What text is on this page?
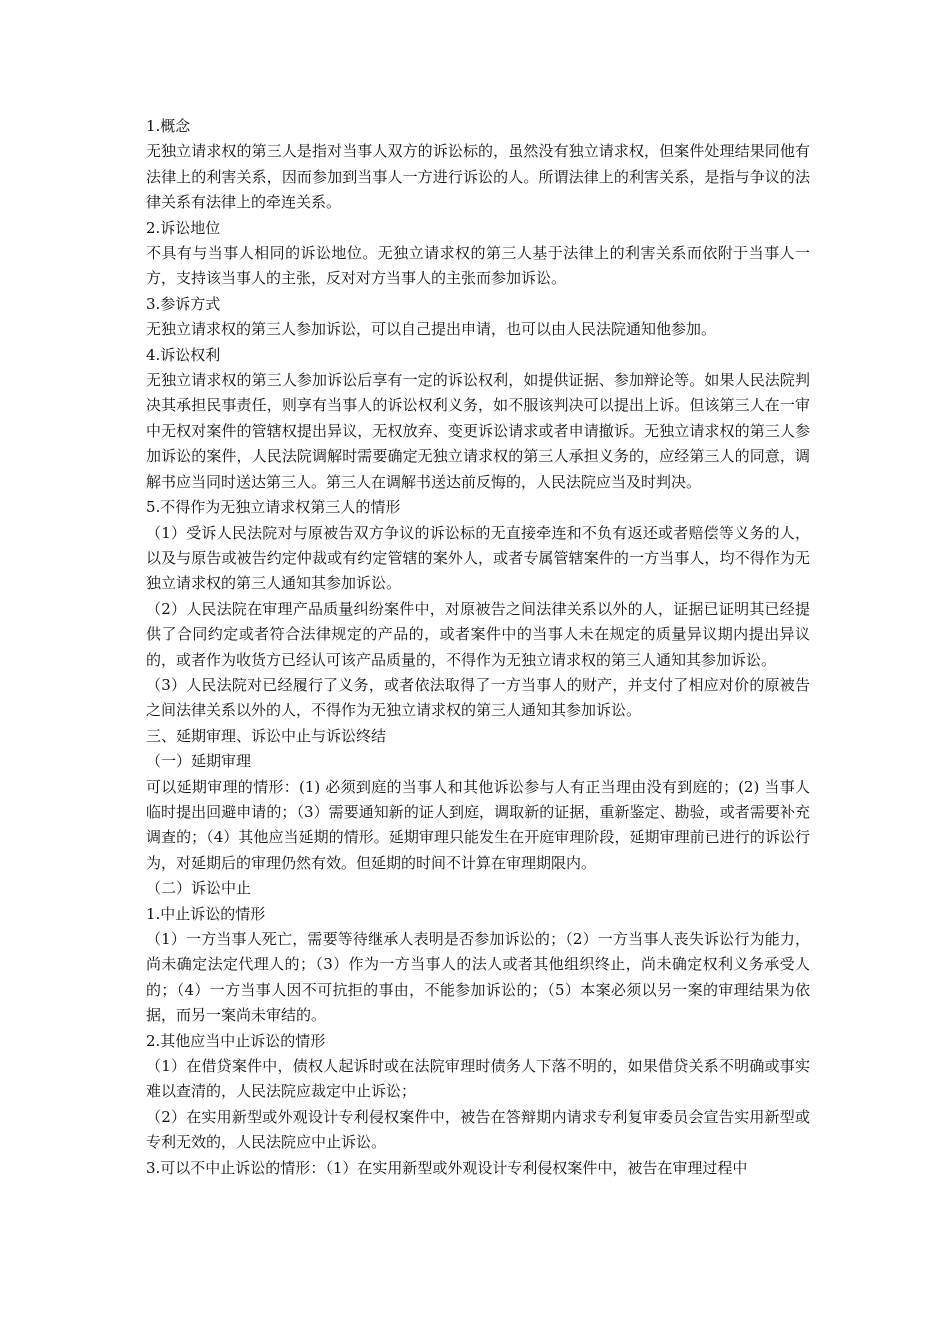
1.概念

无独立请求权的第三人是指对当事人双方的诉讼标的，虽然没有独立请求权，但案件处理结果同他有法律上的利害关系，因而参加到当事人一方进行诉讼的人。所谓法律上的利害关系，是指与争议的法律关系有法律上的牵连关系。

2.诉讼地位

不具有与当事人相同的诉讼地位。无独立请求权的第三人基于法律上的利害关系而依附于当事人一方，支持该当事人的主张，反对对方当事人的主张而参加诉讼。

3.参诉方式

无独立请求权的第三人参加诉讼，可以自己提出申请，也可以由人民法院通知他参加。

4.诉讼权利

无独立请求权的第三人参加诉讼后享有一定的诉讼权利，如提供证据、参加辩论等。如果人民法院判决其承担民事责任，则享有当事人的诉讼权利义务，如不服该判决可以提出上诉。但该第三人在一审中无权对案件的管辖权提出异议，无权放弃、变更诉讼请求或者申请撤诉。无独立请求权的第三人参加诉讼的案件，人民法院调解时需要确定无独立请求权的第三人承担义务的，应经第三人的同意，调解书应当同时送达第三人。第三人在调解书送达前反悔的，人民法院应当及时判决。

5.不得作为无独立请求权第三人的情形

（1）受诉人民法院对与原被告双方争议的诉讼标的无直接牵连和不负有返还或者赔偿等义务的人，以及与原告或被告约定仲裁或有约定管辖的案外人，或者专属管辖案件的一方当事人，均不得作为无独立请求权的第三人通知其参加诉讼。

（2）人民法院在审理产品质量纠纷案件中，对原被告之间法律关系以外的人，证据已证明其已经提供了合同约定或者符合法律规定的产品的，或者案件中的当事人未在规定的质量异议期内提出异议的，或者作为收货方已经认可该产品质量的，不得作为无独立请求权的第三人通知其参加诉讼。

（3）人民法院对已经履行了义务，或者依法取得了一方当事人的财产，并支付了相应对价的原被告之间法律关系以外的人，不得作为无独立请求权的第三人通知其参加诉讼。

三、延期审理、诉讼中止与诉讼终结

（一）延期审理

可以延期审理的情形：(1) 必须到庭的当事人和其他诉讼参与人有正当理由没有到庭的；(2) 当事人临时提出回避申请的；（3）需要通知新的证人到庭，调取新的证据，重新鉴定、勘验，或者需要补充调查的；（4）其他应当延期的情形。延期审理只能发生在开庭审理阶段，延期审理前已进行的诉讼行为，对延期后的审理仍然有效。但延期的时间不计算在审理期限内。

（二）诉讼中止

1.中止诉讼的情形

（1）一方当事人死亡，需要等待继承人表明是否参加诉讼的；（2）一方当事人丧失诉讼行为能力，尚未确定法定代理人的；（3）作为一方当事人的法人或者其他组织终止，尚未确定权利义务承受人的；（4）一方当事人因不可抗拒的事由，不能参加诉讼的；（5）本案必须以另一案的审理结果为依据，而另一案尚未审结的。

2.其他应当中止诉讼的情形

（1）在借贷案件中，债权人起诉时或在法院审理时债务人下落不明的，如果借贷关系不明确或事实难以查清的，人民法院应裁定中止诉讼；

（2）在实用新型或外观设计专利侵权案件中，被告在答辩期内请求专利复审委员会宣告实用新型或专利无效的，人民法院应中止诉讼。

3.可以不中止诉讼的情形：（1）在实用新型或外观设计专利侵权案件中，被告在审理过程中
